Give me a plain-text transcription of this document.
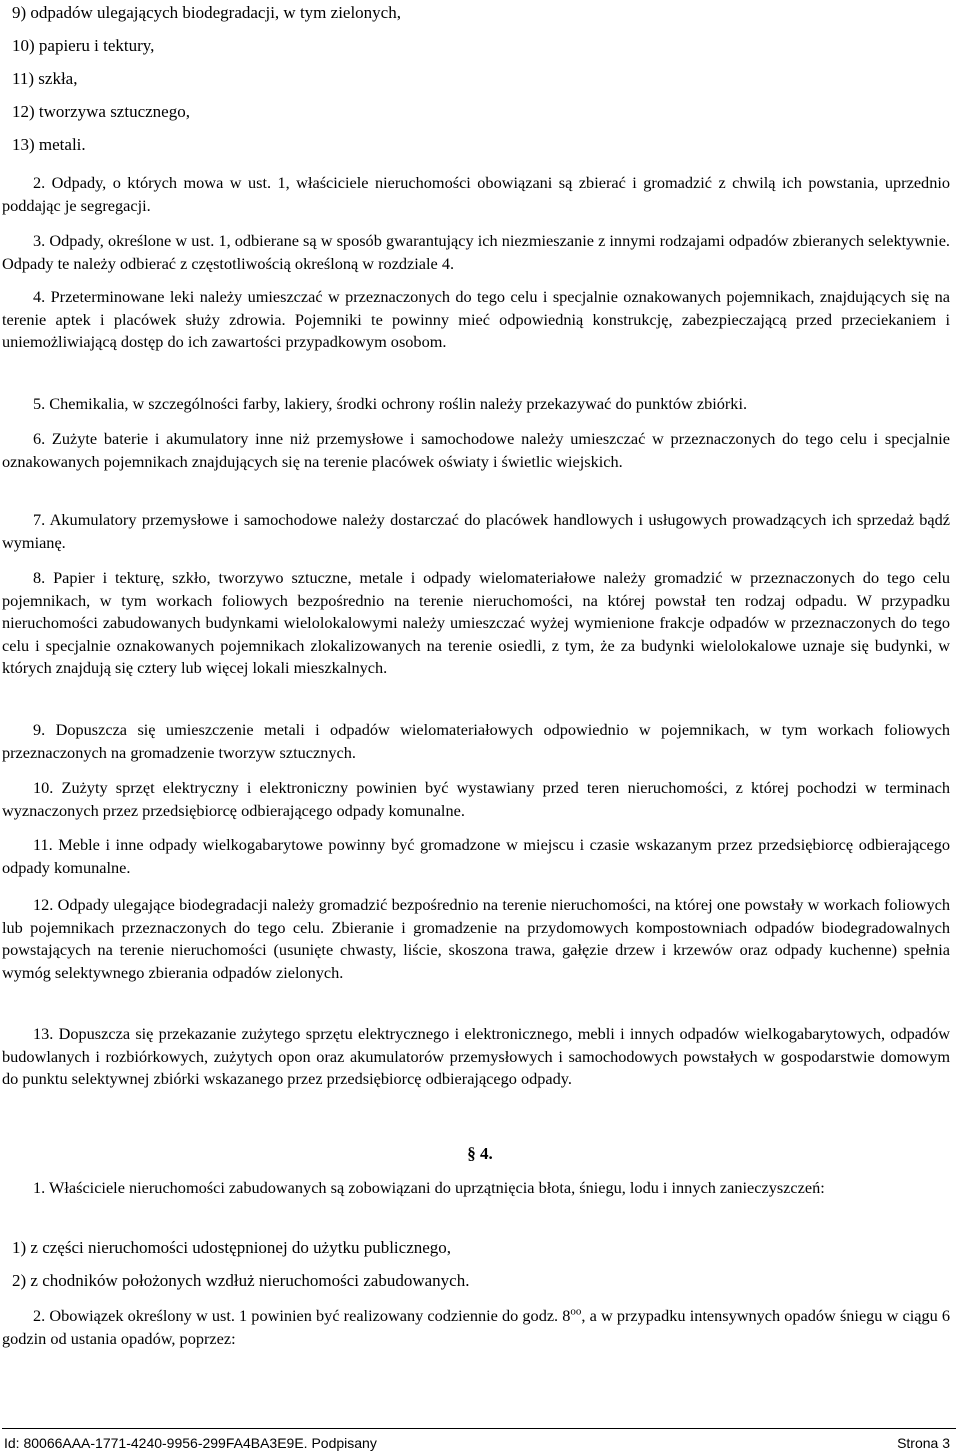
9) odpadów ulegających biodegradacji, w tym zielonych,
10) papieru i tektury,
11) szkła,
12) tworzywa sztucznego,
13) metali.
2. Odpady, o których mowa w ust. 1, właściciele nieruchomości obowiązani są zbierać i gromadzić z chwilą ich powstania, uprzednio poddając je segregacji.
3. Odpady, określone w ust. 1, odbierane są w sposób gwarantujący ich niezmieszanie z innymi rodzajami odpadów zbieranych selektywnie. Odpady te należy odbierać z częstotliwością określoną w rozdziale 4.
4. Przeterminowane leki należy umieszczać w przeznaczonych do tego celu i specjalnie oznakowanych pojemnikach, znajdujących się na terenie aptek i placówek służy zdrowia. Pojemniki te powinny mieć odpowiednią konstrukcję, zabezpieczającą przed przeciekaniem i uniemożliwiającą dostęp do ich zawartości przypadkowym osobom.
5. Chemikalia, w szczególności farby, lakiery, środki ochrony roślin należy przekazywać do punktów zbiórki.
6. Zużyte baterie i akumulatory inne niż przemysłowe i samochodowe należy umieszczać w przeznaczonych do tego celu i specjalnie oznakowanych pojemnikach znajdujących się na terenie placówek oświaty i świetlic wiejskich.
7. Akumulatory przemysłowe i samochodowe należy dostarczać do placówek handlowych i usługowych prowadzących ich sprzedaż bądź wymianę.
8. Papier i tekturę, szkło, tworzywo sztuczne, metale i odpady wielomateriałowe należy gromadzić w przeznaczonych do tego celu pojemnikach, w tym workach foliowych bezpośrednio na terenie nieruchomości, na której powstał ten rodzaj odpadu. W przypadku nieruchomości zabudowanych budynkami wielolokalowymi należy umieszczać wyżej wymienione frakcje odpadów w przeznaczonych do tego celu i specjalnie oznakowanych pojemnikach zlokalizowanych na terenie osiedli, z tym, że za budynki wielolokalowe uznaje się budynki, w których znajdują się cztery lub więcej lokali mieszkalnych.
9. Dopuszcza się umieszczenie metali i odpadów wielomateriałowych odpowiednio w pojemnikach, w tym workach foliowych przeznaczonych na gromadzenie tworzyw sztucznych.
10. Zużyty sprzęt elektryczny i elektroniczny powinien być wystawiany przed teren nieruchomości, z której pochodzi w terminach wyznaczonych przez przedsiębiorcę odbierającego odpady komunalne.
11. Meble i inne odpady wielkogabarytowe powinny być gromadzone w miejscu i czasie wskazanym przez przedsiębiorcę odbierającego odpady komunalne.
12. Odpady ulegające biodegradacji należy gromadzić bezpośrednio na terenie nieruchomości, na której one powstały w workach foliowych lub pojemnikach przeznaczonych do tego celu. Zbieranie i gromadzenie na przydomowych kompostowniach odpadów biodegradowalnych powstających na terenie nieruchomości (usunięte chwasty, liście, skoszona trawa, gałęzie drzew i krzewów oraz odpady kuchenne) spełnia wymóg selektywnego zbierania odpadów zielonych.
13. Dopuszcza się przekazanie zużytego sprzętu elektrycznego i elektronicznego, mebli i innych odpadów wielkogabarytowych, odpadów budowlanych i rozbiórkowych, zużytych opon oraz akumulatorów przemysłowych i samochodowych powstałych w gospodarstwie domowym do punktu selektywnej zbiórki wskazanego przez przedsiębiorcę odbierającego odpady.
§ 4.
1. Właściciele nieruchomości zabudowanych są zobowiązani do uprzątnięcia błota, śniegu, lodu i innych zanieczyszczeń:
1) z części nieruchomości udostępnionej do użytku publicznego,
2) z chodników położonych wzdłuż nieruchomości zabudowanych.
2. Obowiązek określony w ust. 1 powinien być realizowany codziennie do godz. $8^{oo}$, a w przypadku intensywnych opadów śniegu w ciągu 6 godzin od ustania opadów, poprzez:
Id: 80066AAA-1771-4240-9956-299FA4BA3E9E. Podpisany	Strona 3
